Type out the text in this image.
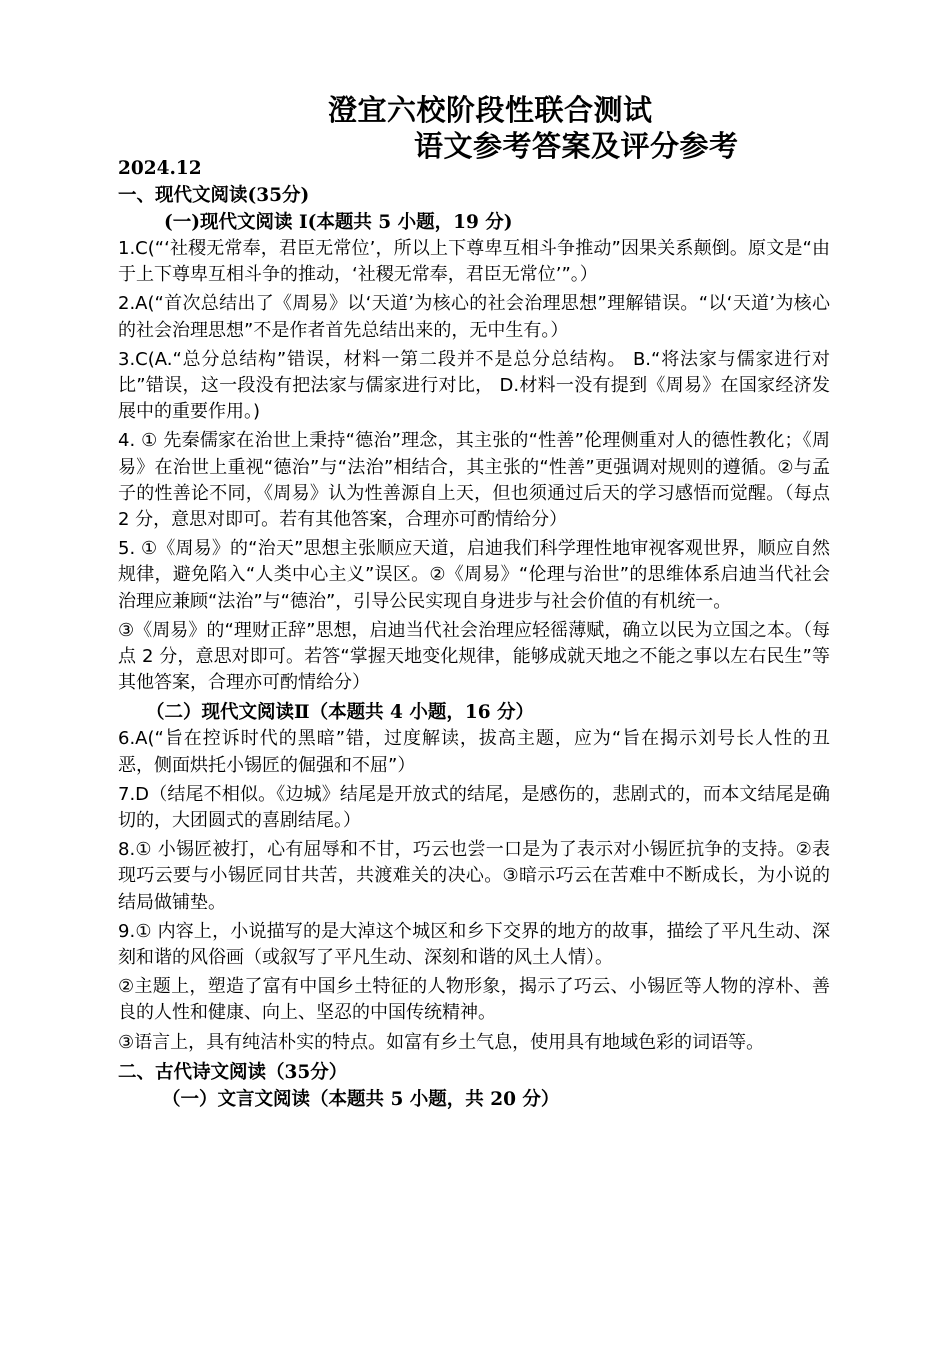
澄宜六校阶段性联合测试
语文参考答案及评分参考
2024.12
一、现代文阅读(35分)
(一)现代文阅读 I(本题共 5 小题，19 分)

1.C(“‘社稷无常奉，君臣无常位’，所以上下尊卑互相斗争推动”因果关系颠倒。原文是“由于上下尊卑互相斗争的推动，‘社稷无常奉，君臣无常位’”。）

2.A(“首次总结出了《周易》以‘天道’为核心的社会治理思想”理解错误。“以‘天道’为核心的社会治理思想”不是作者首先总结出来的，无中生有。）

3.C(A.“总分总结构”错误，材料一第二段并不是总分总结构。 B.“将法家与儒家进行对比”错误，这一段没有把法家与儒家进行对比， D.材料一没有提到《周易》在国家经济发展中的重要作用。)

4. ① 先秦儒家在治世上秉持“德治”理念，其主张的“性善”伦理侧重对人的德性教化；《周易》在治世上重视“德治”与“法治”相结合，其主张的“性善”更强调对规则的遵循。②与孟子的性善论不同，《周易》认为性善源自上天，但也须通过后天的学习感悟而觉醒。（每点 2 分，意思对即可。若有其他答案，合理亦可酌情给分）

5. ①《周易》的“治天”思想主张顺应天道，启迪我们科学理性地审视客观世界，顺应自然规律，避免陷入“人类中心主义”误区。②《周易》“伦理与治世”的思维体系启迪当代社会治理应兼顾“法治”与“德治”，引导公民实现自身进步与社会价值的有机统一。

③《周易》的“理财正辞”思想，启迪当代社会治理应轻徭薄赋，确立以民为立国之本。（每点 2 分，意思对即可。若答“掌握天地变化规律，能够成就天地之不能之事以左右民生”等其他答案，合理亦可酌情给分）

（二）现代文阅读Ⅱ（本题共 4 小题，16 分）

6.A(“旨在控诉时代的黑暗”错，过度解读，拔高主题，应为“旨在揭示刘号长人性的丑恶，侧面烘托小锡匠的倔强和不屈”）

7.D（结尾不相似。《边城》结尾是开放式的结尾，是感伤的，悲剧式的，而本文结尾是确切的，大团圆式的喜剧结尾。）

8.① 小锡匠被打，心有屈辱和不甘，巧云也尝一口是为了表示对小锡匠抗争的支持。②表现巧云要与小锡匠同甘共苦，共渡难关的决心。③暗示巧云在苦难中不断成长，为小说的结局做铺垫。

9.① 内容上，小说描写的是大淖这个城区和乡下交界的地方的故事，描绘了平凡生动、深刻和谐的风俗画（或叙写了平凡生动、深刻和谐的风土人情）。

②主题上，塑造了富有中国乡土特征的人物形象，揭示了巧云、小锡匠等人物的淳朴、善良的人性和健康、向上、坚忍的中国传统精神。

③语言上，具有纯洁朴实的特点。如富有乡土气息，使用具有地域色彩的词语等。

二、古代诗文阅读（35分）
（一）文言文阅读（本题共 5 小题，共 20 分）
